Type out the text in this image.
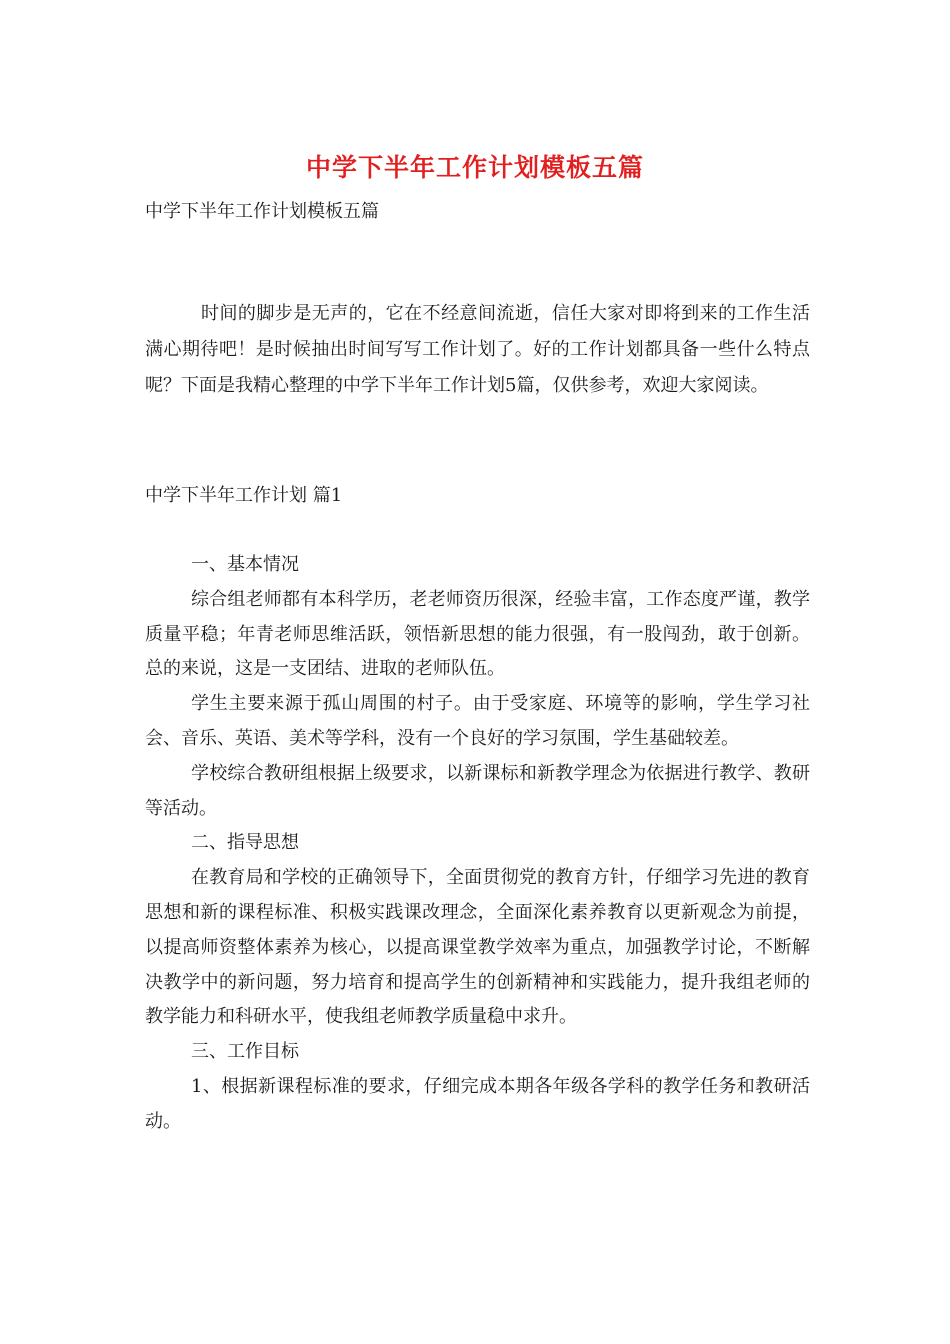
中学下半年工作计划模板五篇

中学下半年工作计划模板五篇

时间的脚步是无声的，它在不经意间流逝，信任大家对即将到来的工作生活满心期待吧！是时候抽出时间写写工作计划了。好的工作计划都具备一些什么特点呢？下面是我精心整理的中学下半年工作计划5篇，仅供参考，欢迎大家阅读。

中学下半年工作计划 篇1

一、基本情况

综合组老师都有本科学历，老老师资历很深，经验丰富，工作态度严谨，教学质量平稳；年青老师思维活跃，领悟新思想的能力很强，有一股闯劲，敢于创新。总的来说，这是一支团结、进取的老师队伍。

学生主要来源于孤山周围的村子。由于受家庭、环境等的影响，学生学习社会、音乐、英语、美术等学科，没有一个良好的学习氛围，学生基础较差。

学校综合教研组根据上级要求，以新课标和新教学理念为依据进行教学、教研等活动。

二、指导思想

在教育局和学校的正确领导下，全面贯彻党的教育方针，仔细学习先进的教育思想和新的课程标准、积极实践课改理念，全面深化素养教育以更新观念为前提，以提高师资整体素养为核心，以提高课堂教学效率为重点，加强教学讨论，不断解决教学中的新问题，努力培育和提高学生的创新精神和实践能力，提升我组老师的教学能力和科研水平，使我组老师教学质量稳中求升。

三、工作目标

1、根据新课程标准的要求，仔细完成本期各年级各学科的教学任务和教研活动。
